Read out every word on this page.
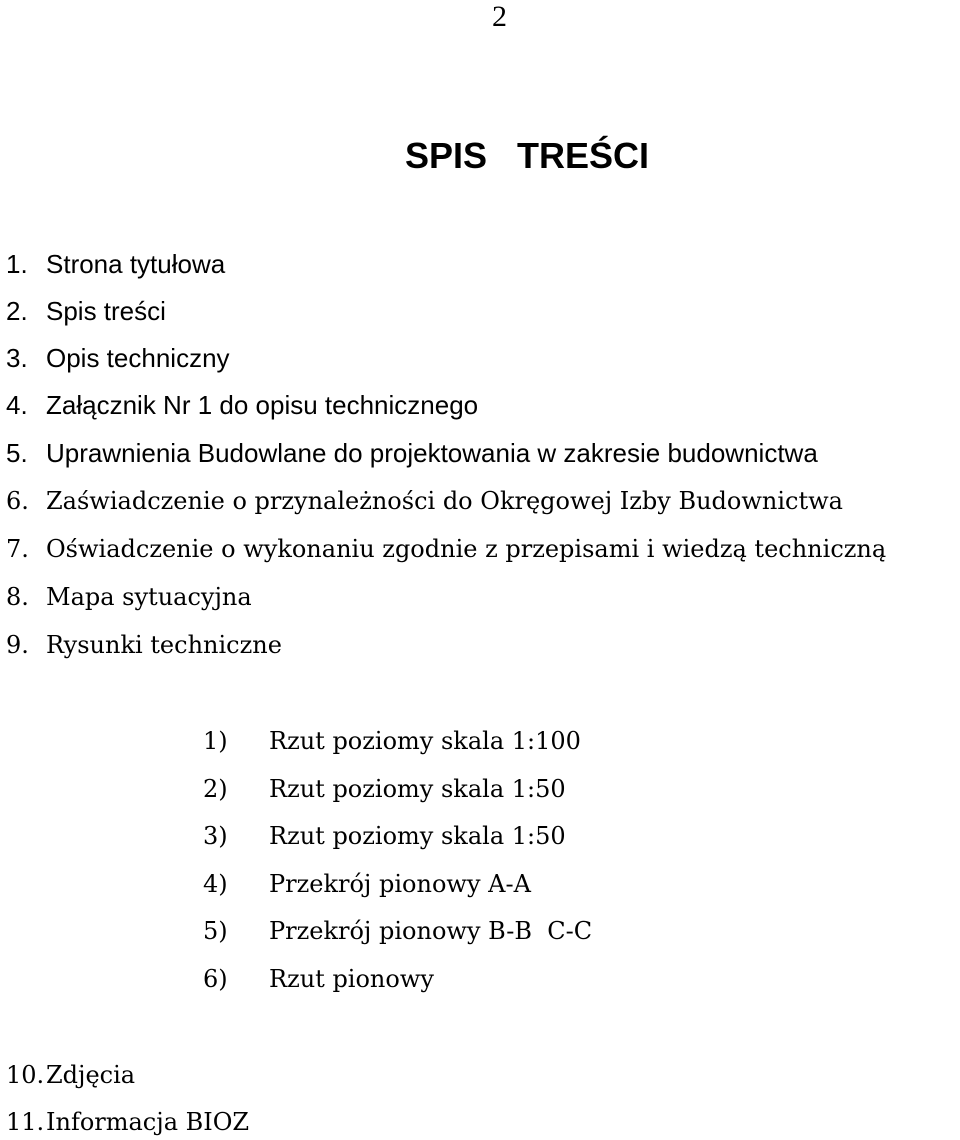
2
SPIS   TREŚCI
1. Strona tytułowa
2. Spis treści
3. Opis techniczny
4. Załącznik Nr 1 do opisu technicznego
5. Uprawnienia Budowlane do projektowania w zakresie budownictwa
6. Zaświadczenie o przynależności do Okręgowej Izby Budownictwa
7. Oświadczenie o wykonaniu zgodnie z przepisami i wiedzą techniczną
8. Mapa sytuacyjna
9. Rysunki techniczne
1) Rzut poziomy skala 1:100
2) Rzut poziomy skala 1:50
3) Rzut poziomy skala 1:50
4) Przekrój pionowy A-A
5) Przekrój pionowy B-B  C-C
6) Rzut pionowy
10.Zdjęcia
11.Informacja BIOZ
